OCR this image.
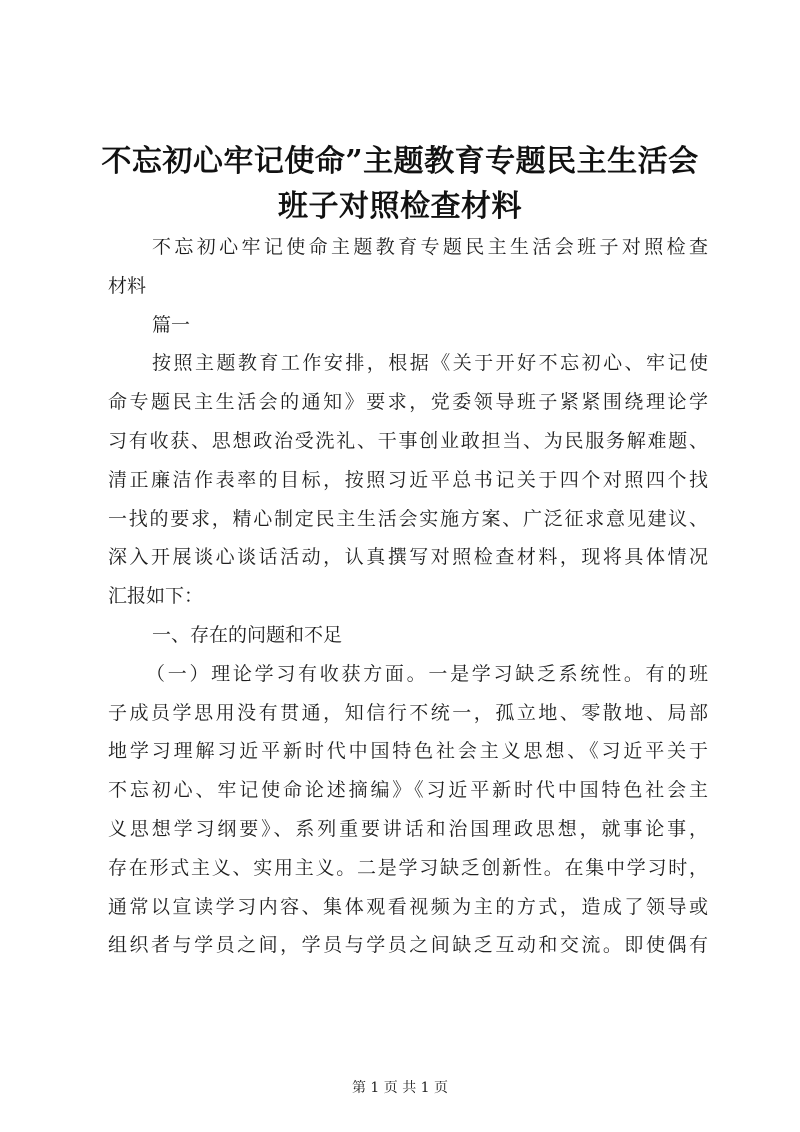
不忘初心牢记使命”主题教育专题民主生活会
班子对照检查材料
不忘初心牢记使命主题教育专题民主生活会班子对照检查
材料
篇一
按照主题教育工作安排，根据《关于开好不忘初心、牢记使
命专题民主生活会的通知》要求，党委领导班子紧紧围绕理论学
习有收获、思想政治受洗礼、干事创业敢担当、为民服务解难题、
清正廉洁作表率的目标，按照习近平总书记关于四个对照四个找
一找的要求，精心制定民主生活会实施方案、广泛征求意见建议、
深入开展谈心谈话活动，认真撰写对照检查材料，现将具体情况
汇报如下：
一、存在的问题和不足
（一）理论学习有收获方面。一是学习缺乏系统性。有的班
子成员学思用没有贯通，知信行不统一，孤立地、零散地、局部
地学习理解习近平新时代中国特色社会主义思想、《习近平关于
不忘初心、牢记使命论述摘编》《习近平新时代中国特色社会主
义思想学习纲要》、系列重要讲话和治国理政思想，就事论事，
存在形式主义、实用主义。二是学习缺乏创新性。在集中学习时，
通常以宣读学习内容、集体观看视频为主的方式，造成了领导或
组织者与学员之间，学员与学员之间缺乏互动和交流。即使偶有
第 1 页 共 1 页
